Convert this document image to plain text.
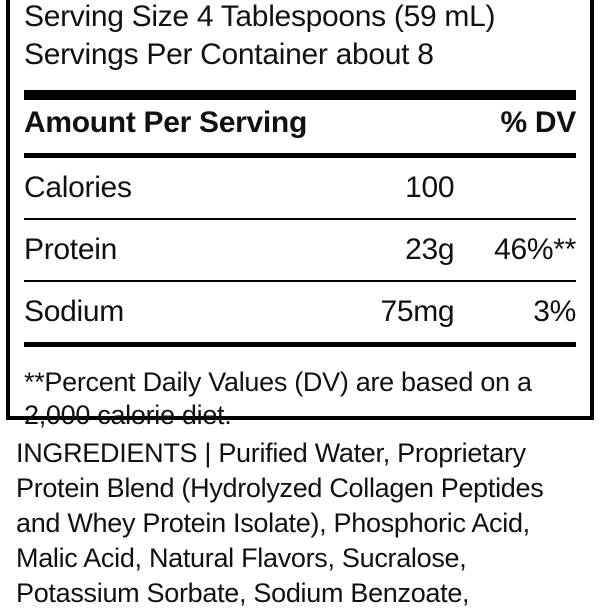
Serving Size 4 Tablespoons (59 mL)
Servings Per Container about 8
Amount Per Serving		% DV

Calories	100	

Protein	23g	46%**

Sodium	75mg	3%

**Percent Daily Values (DV) are based on a 2,000 calorie diet.
INGREDIENTS | Purified Water, Proprietary Protein Blend (Hydrolyzed Collagen Peptides and Whey Protein Isolate), Phosphoric Acid, Malic Acid, Natural Flavors, Sucralose, Potassium Sorbate, Sodium Benzoate,
